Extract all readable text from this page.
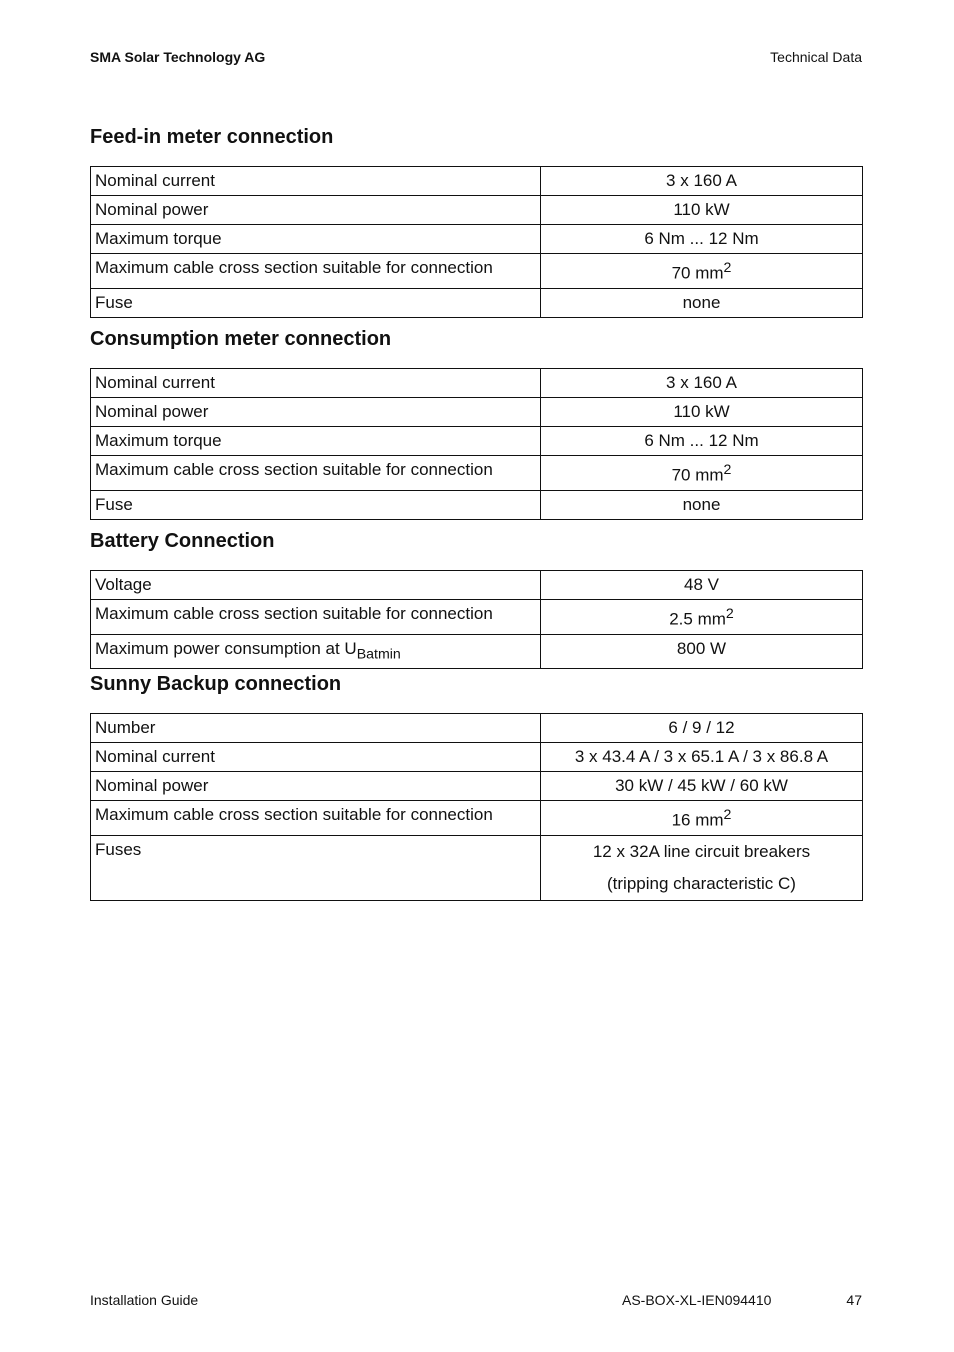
SMA Solar Technology AG	Technical Data
Feed-in meter connection
Nominal current	3 x 160 A
Nominal power	110 kW
Maximum torque	6 Nm ... 12 Nm
Maximum cable cross section suitable for connection	70 $mm^2$
Fuse	none
Consumption meter connection
Nominal current	3 x 160 A
Nominal power	110 kW
Maximum torque	6 Nm ... 12 Nm
Maximum cable cross section suitable for connection	70 $mm^2$
Fuse	none
Battery Connection
Voltage	48 V
Maximum cable cross section suitable for connection	2.5 $mm^2$
Maximum power consumption at $U_{Batmin}$	800 W
Sunny Backup connection
Number	6 / 9 / 12
Nominal current	3 x 43.4 A / 3 x 65.1 A / 3 x 86.8 A
Nominal power	30 kW / 45 kW / 60 kW
Maximum cable cross section suitable for connection	16 $mm^2$
Fuses	12 x 32A line circuit breakers
(tripping characteristic C)
Installation Guide	AS-BOX-XL-IEN094410	47
